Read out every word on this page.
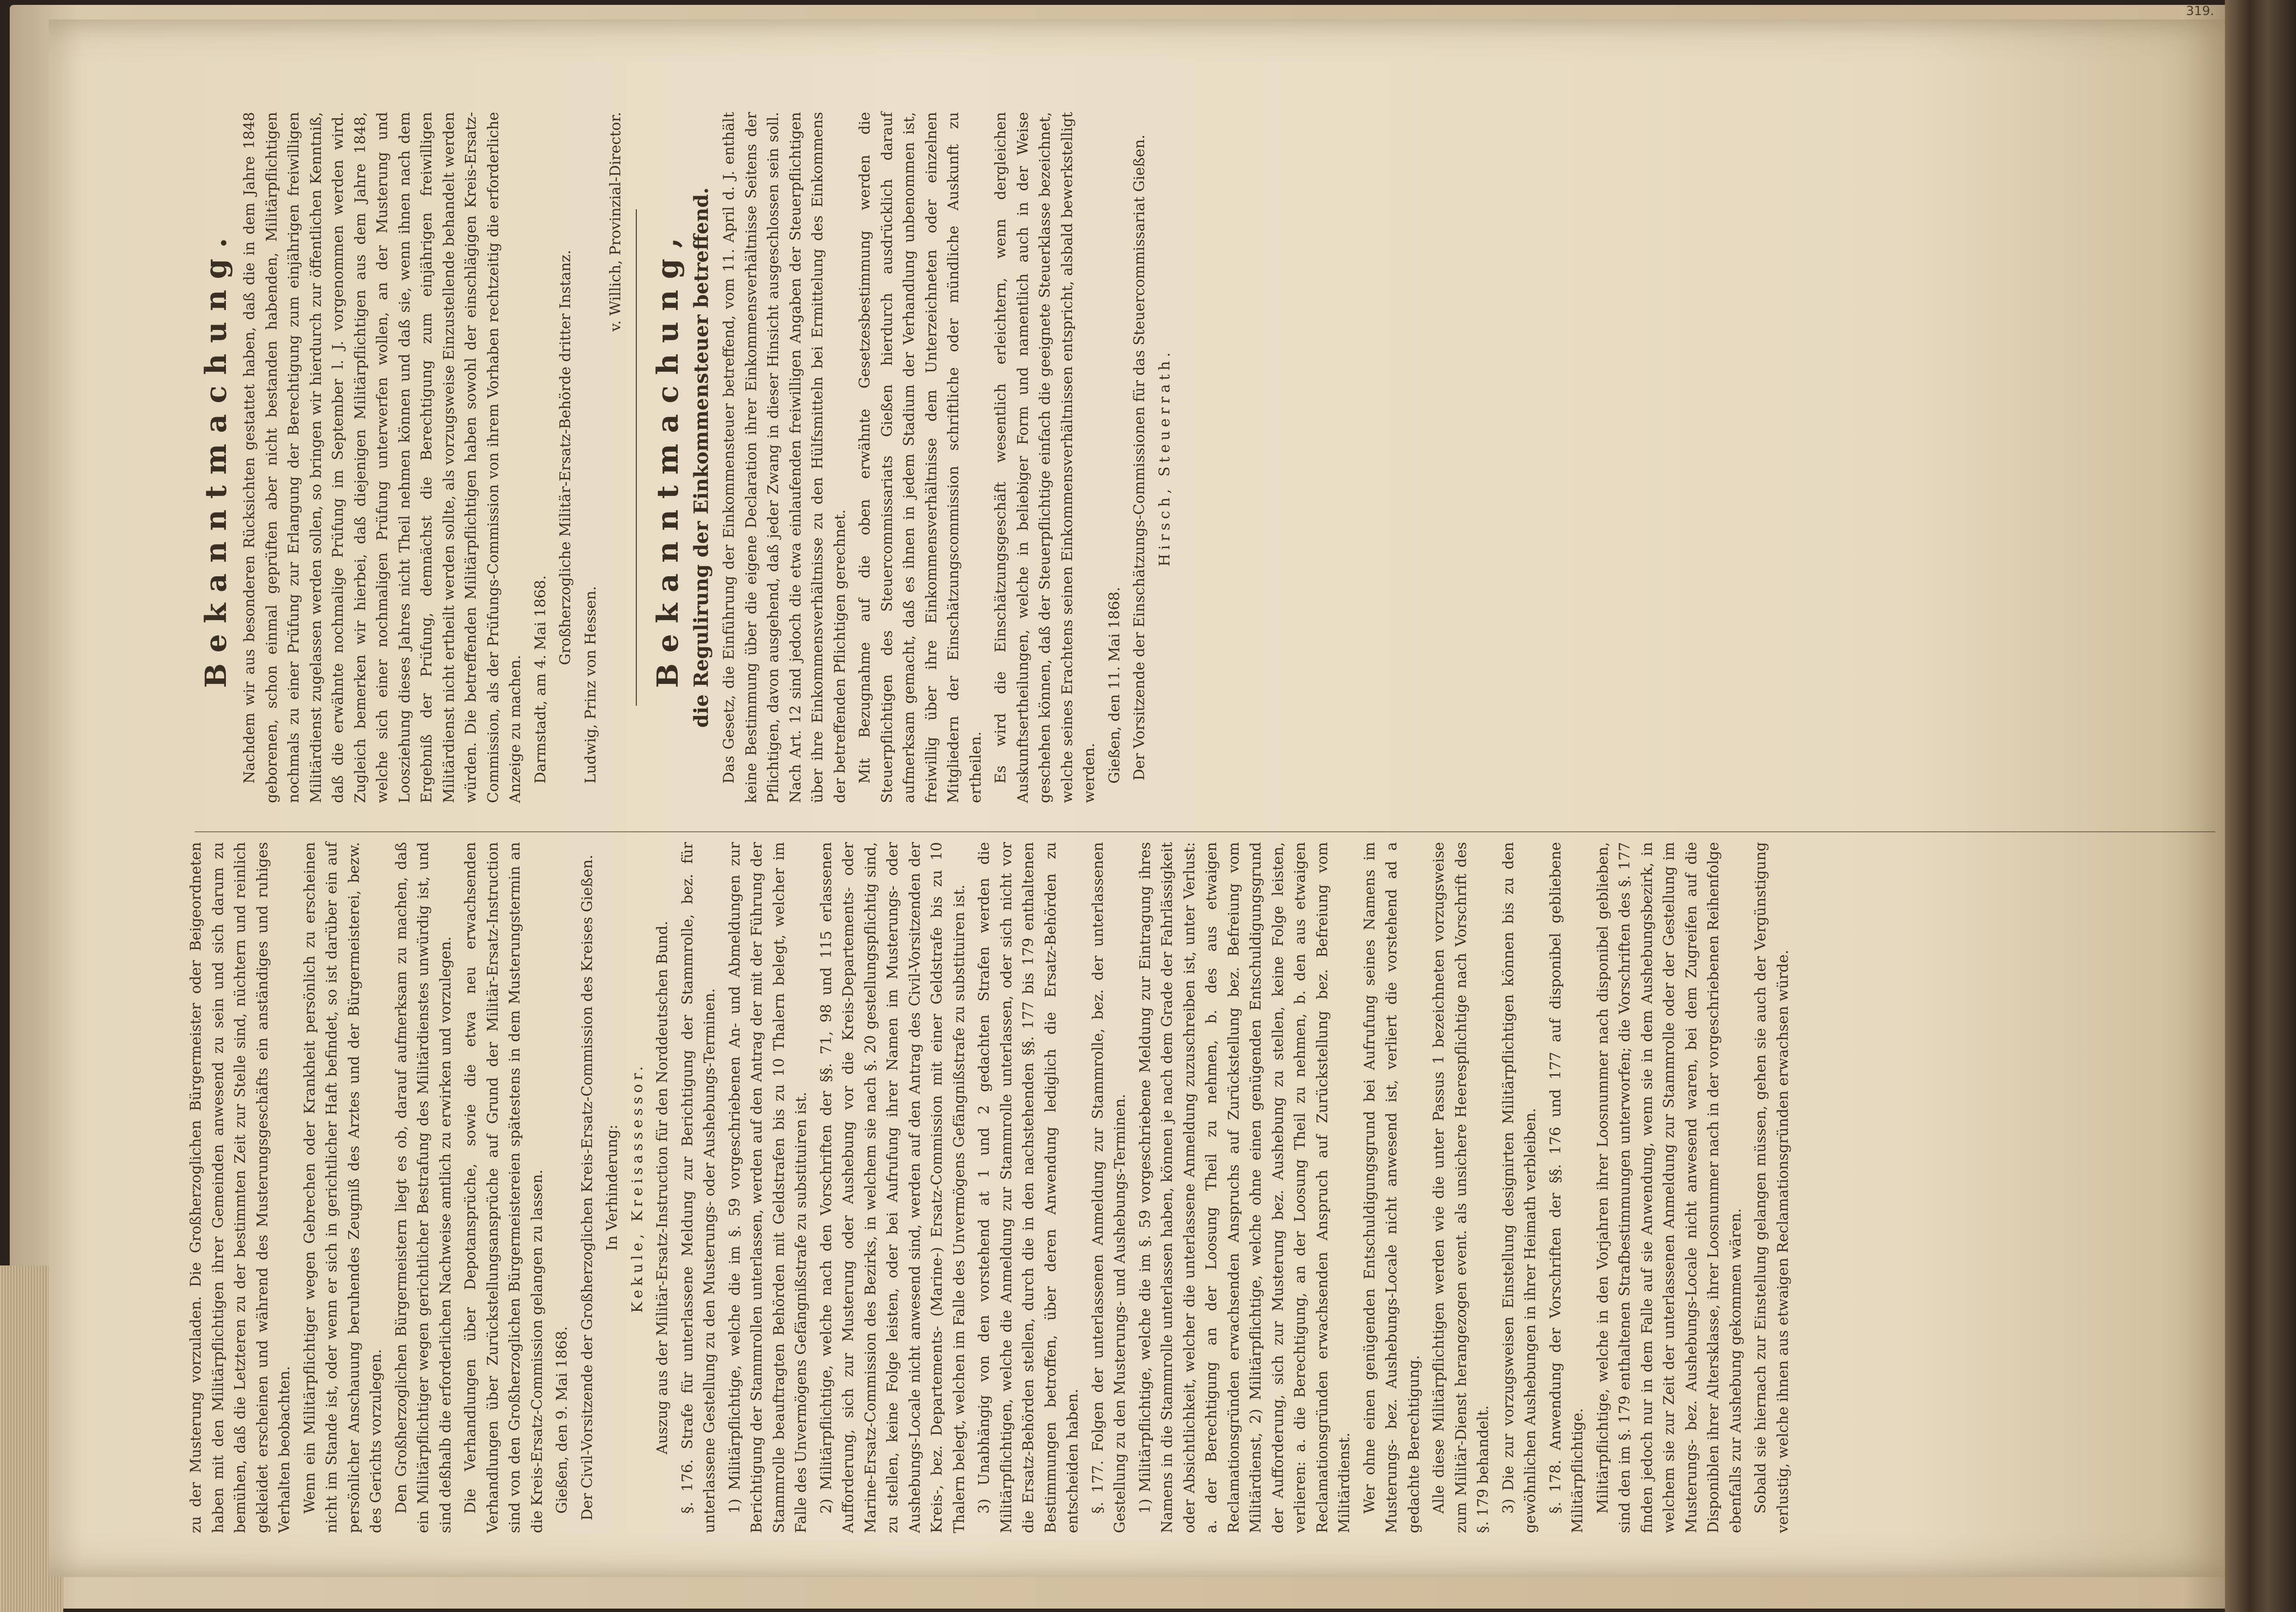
zu der Musterung vorzuladen. Die Großherzoglichen Bürgermeister oder Beigeordneten haben mit den Militärpflichtigen ihrer Gemeinden anwesend zu sein und sich darum zu bemühen, daß die Letzteren zu der bestimmten Zeit zur Stelle sind, nüchtern und reinlich gekleidet erscheinen und während des Musterungsgeschäfts ein anständiges und ruhiges Verhalten beobachten. Wenn ein Militärpflichtiger wegen Gebrechen oder Krankheit persönlich zu erscheinen nicht im Stande ist, oder wenn er sich in gerichtlicher Haft befindet, so ist darüber ein auf persönlicher Anschauung beruhendes Zeugniß des Arztes und der Bürgermeisterei, bezw. des Gerichts vorzulegen. Den Großherzoglichen Bürgermeistern liegt es ob, darauf aufmerksam zu machen, daß ein Militärpflichtiger wegen gerichtlicher Bestrafung des Militärdienstes unwürdig ist, und sind deßhalb die erforderlichen Nachweise amtlich zu erwirken und vorzulegen. Die Verhandlungen über Depotansprüche, sowie die etwa neu erwachsenden Verhandlungen über Zurückstellungsansprüche auf Grund der Militär-Ersatz-Instruction sind von den Großherzoglichen Bürgermeistereien spätestens in dem Musterungstermin an die Kreis-Ersatz-Commission gelangen zu lassen. Gießen, den 9. Mai 1868. Der Civil-Vorsitzende der Großherzoglichen Kreis-Ersatz-Commission des Kreises Gießen. In Verhinderung: Kekule, Kreisassessor. Auszug aus der Militär-Ersatz-Instruction für den Norddeutschen Bund. §. 176. Strafe für unterlassene Meldung zur Berichtigung der Stammrolle, bez. für unterlassene Gestellung zu den Musterungs- oder Aushebungs-Terminen. 1) Militärpflichtige, welche die im §. 59 vorgeschriebenen An- und Abmeldungen zur Berichtigung der Stammrollen unterlassen, werden auf den Antrag der mit der Führung der Stammrolle beauftragten Behörden mit Geldstrafen bis zu 10 Thalern belegt, welcher im Falle des Unvermögens Gefängnißstrafe zu substituiren ist. 2) Militärpflichtige, welche nach den Vorschriften der §§. 71, 98 und 115 erlassenen Aufforderung, sich zur Musterung oder Aushebung vor die Kreis-Departements- oder Marine-Ersatz-Commission des Bezirks, in welchem sie nach §. 20 gestellungspflichtig sind, zu stellen, keine Folge leisten, oder bei Aufrufung ihrer Namen im Musterungs- oder Aushebungs-Locale nicht anwesend sind, werden auf den Antrag des Civil-Vorsitzenden der Kreis-, bez. Departements- (Marine-) Ersatz-Commission mit einer Geldstrafe bis zu 10 Thalern belegt, welchen im Falle des Unvermögens Gefängnißstrafe zu substituiren ist. 3) Unabhängig von den vorstehend at 1 und 2 gedachten Strafen werden die Militärpflichtigen, welche die Anmeldung zur Stammrolle unterlassen, oder sich nicht vor die Ersatz-Behörden stellen, durch die in den nachstehenden §§. 177 bis 179 enthaltenen Bestimmungen betroffen, über deren Anwendung lediglich die Ersatz-Behörden zu entscheiden haben. §. 177. Folgen der unterlassenen Anmeldung zur Stammrolle, bez. der unterlassenen Gestellung zu den Musterungs- und Aushebungs-Terminen. 1) Militärpflichtige, welche die im §. 59 vorgeschriebene Meldung zur Eintragung ihres Namens in die Stammrolle unterlassen haben, können je nach dem Grade der Fahrlässigkeit oder Absichtlichkeit, welcher die unterlassene Anmeldung zuzuschreiben ist, unter Verlust: a. der Berechtigung an der Loosung Theil zu nehmen, b. des aus etwaigen Reclamationsgründen erwachsenden Anspruchs auf Zurückstellung bez. Befreiung vom Militärdienst, 2) Militärpflichtige, welche ohne einen genügenden Entschuldigungsgrund der Aufforderung, sich zur Musterung bez. Aushebung zu stellen, keine Folge leisten, verlieren: a. die Berechtigung, an der Loosung Theil zu nehmen, b. den aus etwaigen Reclamationsgründen erwachsenden Anspruch auf Zurückstellung bez. Befreiung vom Militärdienst. Wer ohne einen genügenden Entschuldigungsgrund bei Aufrufung seines Namens im Musterungs- bez. Aushebungs-Locale nicht anwesend ist, verliert die vorstehend ad a gedachte Berechtigung. Alle diese Militärpflichtigen werden wie die unter Passus 1 bezeichneten vorzugsweise zum Militär-Dienst herangezogen event. als unsichere Heerespflichtige nach Vorschrift des §. 179 behandelt. 3) Die zur vorzugsweisen Einstellung designirten Militärpflichtigen können bis zu den gewöhnlichen Aushebungen in ihrer Heimath verbleiben. §. 178. Anwendung der Vorschriften der §§. 176 und 177 auf disponibel gebliebene Militärpflichtige. Militärpflichtige, welche in den Vorjahren ihrer Loosnummer nach disponibel geblieben, sind den im §. 179 enthaltenen Strafbestimmungen unterworfen; die Vorschriften des §. 177 finden jedoch nur in dem Falle auf sie Anwendung, wenn sie in dem Aushebungsbezirk, in welchem sie zur Zeit der unterlassenen Anmeldung zur Stammrolle oder der Gestellung im Musterungs- bez. Aushebungs-Locale nicht anwesend waren, bei dem Zugreifen auf die Disponiblen ihrer Altersklasse, ihrer Loosnummer nach in der vorgeschriebenen Reihenfolge ebenfalls zur Aushebung gekommen wären. Sobald sie hiernach zur Einstellung gelangen müssen, gehen sie auch der Vergünstigung verlustig, welche ihnen aus etwaigen Reclamationsgründen erwachsen würde.

Bekanntmachung. Nachdem wir aus besonderen Rücksichten gestattet haben, daß die in dem Jahre 1848 geborenen, schon einmal geprüften aber nicht bestanden habenden, Militärpflichtigen nochmals zu einer Prüfung zur Erlangung der Berechtigung zum einjährigen freiwilligen Militärdienst zugelassen werden sollen, so bringen wir hierdurch zur öffentlichen Kenntniß, daß die erwähnte nochmalige Prüfung im September l. J. vorgenommen werden wird. Zugleich bemerken wir hierbei, daß diejenigen Militärpflichtigen aus dem Jahre 1848, welche sich einer nochmaligen Prüfung unterwerfen wollen, an der Musterung und Loosziehung dieses Jahres nicht Theil nehmen können und daß sie, wenn ihnen nach dem Ergebniß der Prüfung, demnächst die Berechtigung zum einjährigen freiwilligen Militärdienst nicht ertheilt werden sollte, als vorzugsweise Einzustellende behandelt werden würden. Die betreffenden Militärpflichtigen haben sowohl der einschlägigen Kreis-Ersatz-Commission, als der Prüfungs-Commission von ihrem Vorhaben rechtzeitig die erforderliche Anzeige zu machen. Darmstadt, am 4. Mai 1868.

Großherzogliche Militär-Ersatz-Behörde dritter Instanz.

Ludwig, Prinz von Hessen.

v. Willich, Provinzial-Director.

Bekanntmachung, die Regulirung der Einkommensteuer betreffend. Das Gesetz, die Einführung der Einkommensteuer betreffend, vom 11. April d. J. enthält keine Bestimmung über die eigene Declaration ihrer Einkommensverhältnisse Seitens der Pflichtigen, davon ausgehend, daß jeder Zwang in dieser Hinsicht ausgeschlossen sein soll. Nach Art. 12 sind jedoch die etwa einlaufenden freiwilligen Angaben der Steuerpflichtigen über ihre Einkommensverhältnisse zu den Hülfsmitteln bei Ermittelung des Einkommens der betreffenden Pflichtigen gerechnet. Mit Bezugnahme auf die oben erwähnte Gesetzesbestimmung werden die Steuerpflichtigen des Steuercommissariats Gießen hierdurch ausdrücklich darauf aufmerksam gemacht, daß es ihnen in jedem Stadium der Verhandlung unbenommen ist, freiwillig über ihre Einkommensverhältnisse dem Unterzeichneten oder einzelnen Mitgliedern der Einschätzungscommission schriftliche oder mündliche Auskunft zu ertheilen. Es wird die Einschätzungsgeschäft wesentlich erleichtern, wenn dergleichen Auskunftsertheilungen, welche in beliebiger Form und namentlich auch in der Weise geschehen können, daß der Steuerpflichtige einfach die geeignete Steuerklasse bezeichnet, welche seines Erachtens seinen Einkommensverhältnissen entspricht, alsbald bewerkstelligt werden. Gießen, den 11. Mai 1868. Der Vorsitzende der Einschätzungs-Commissionen für das Steuercommissariat Gießen. Hirsch, Steuerrath.

319.
